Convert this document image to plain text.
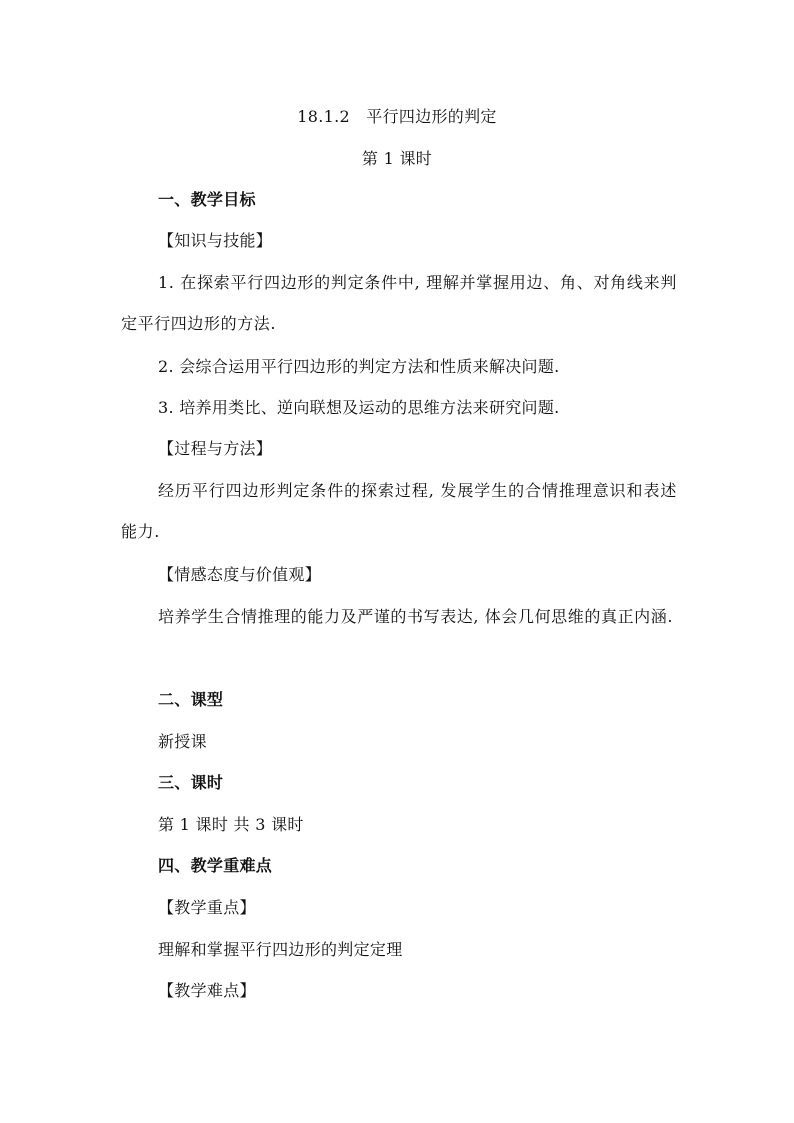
18.1.2　平行四边形的判定
第 1 课时
一、教学目标
【知识与技能】
1. 在探索平行四边形的判定条件中, 理解并掌握用边、角、对角线来判定平行四边形的方法.
2. 会综合运用平行四边形的判定方法和性质来解决问题.
3. 培养用类比、逆向联想及运动的思维方法来研究问题.
【过程与方法】
经历平行四边形判定条件的探索过程, 发展学生的合情推理意识和表述能力.
【情感态度与价值观】
培养学生合情推理的能力及严谨的书写表达, 体会几何思维的真正内涵.
二、课型
新授课
三、课时
第 1 课时 共 3 课时
四、教学重难点
【教学重点】
理解和掌握平行四边形的判定定理
【教学难点】
